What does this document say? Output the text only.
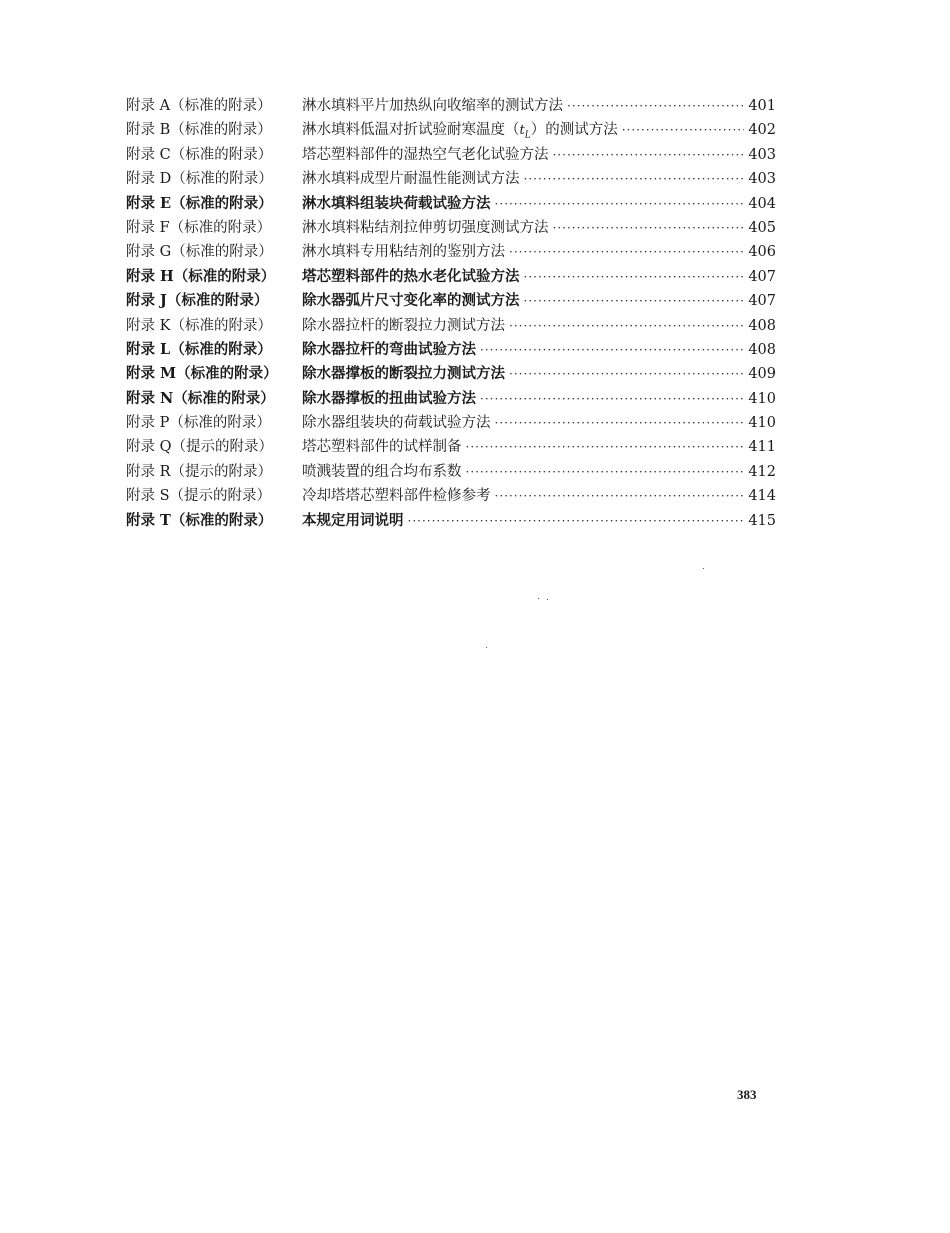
附录 A（标准的附录）	淋水填料平片加热纵向收缩率的测试方法 ·····	401
附录 B（标准的附录）	淋水填料低温对折试验耐寒温度$(t_L)$的测试方法 ·····	402
附录 C（标准的附录）	塔芯塑料部件的湿热空气老化试验方法 ·····	403
附录 D（标准的附录）	淋水填料成型片耐温性能测试方法 ·····	403
附录 E（标准的附录）	淋水填料组装块荷载试验方法 ·····	404
附录 F（标准的附录）	淋水填料粘结剂拉伸剪切强度测试方法 ·····	405
附录 G（标准的附录）	淋水填料专用粘结剂的鉴别方法 ·····	406
附录 H（标准的附录）	塔芯塑料部件的热水老化试验方法 ·····	407
附录 J（标准的附录）	除水器弧片尺寸变化率的测试方法 ·····	407
附录 K（标准的附录）	除水器拉杆的断裂拉力测试方法 ·····	408
附录 L（标准的附录）	除水器拉杆的弯曲试验方法 ·····	408
附录 M（标准的附录）	除水器撑板的断裂拉力测试方法 ·····	409
附录 N（标准的附录）	除水器撑板的扭曲试验方法 ·····	410
附录 P（标准的附录）	除水器组装块的荷载试验方法 ·····	410
附录 Q（提示的附录）	塔芯塑料部件的试样制备 ·····	411
附录 R（提示的附录）	喷溅装置的组合均布系数 ·····	412
附录 S（提示的附录）	冷却塔塔芯塑料部件检修参考 ·····	414
附录 T（标准的附录）	本规定用词说明 ·····	415
383
